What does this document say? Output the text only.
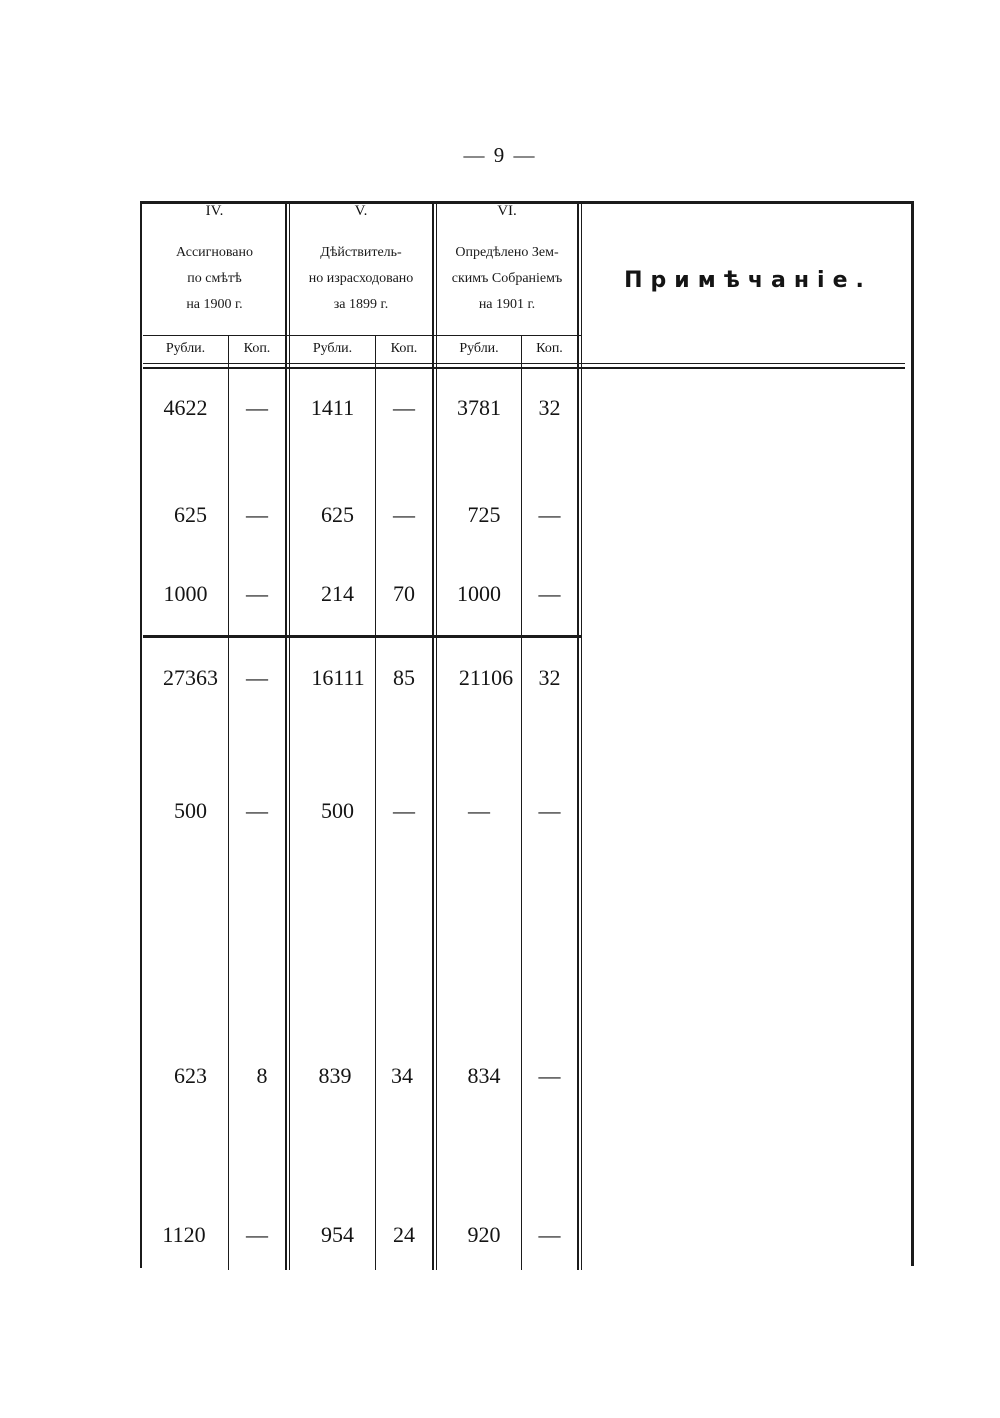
— 9 —
IV.
Ассигновано
по смѣтѣ
на 1900 г.
V.
Дѣйствитель-
но израсходовано
за 1899 г.
VI.
Опредѣлено Зем-
скимъ Собраніемъ
на 1901 г.
Примѣчаніе.
Рубли.	Коп.	Рубли.	Коп.	Рубли.	Коп.
4622	—	1411	—	3781	32
625	—	625	—	725	—
1000	—	214	70	1000	—
27363	—	16111	85	21106	32
500	—	500	—	—	—
623	8	839	34	834	—
1120	—	954	24	920	—
